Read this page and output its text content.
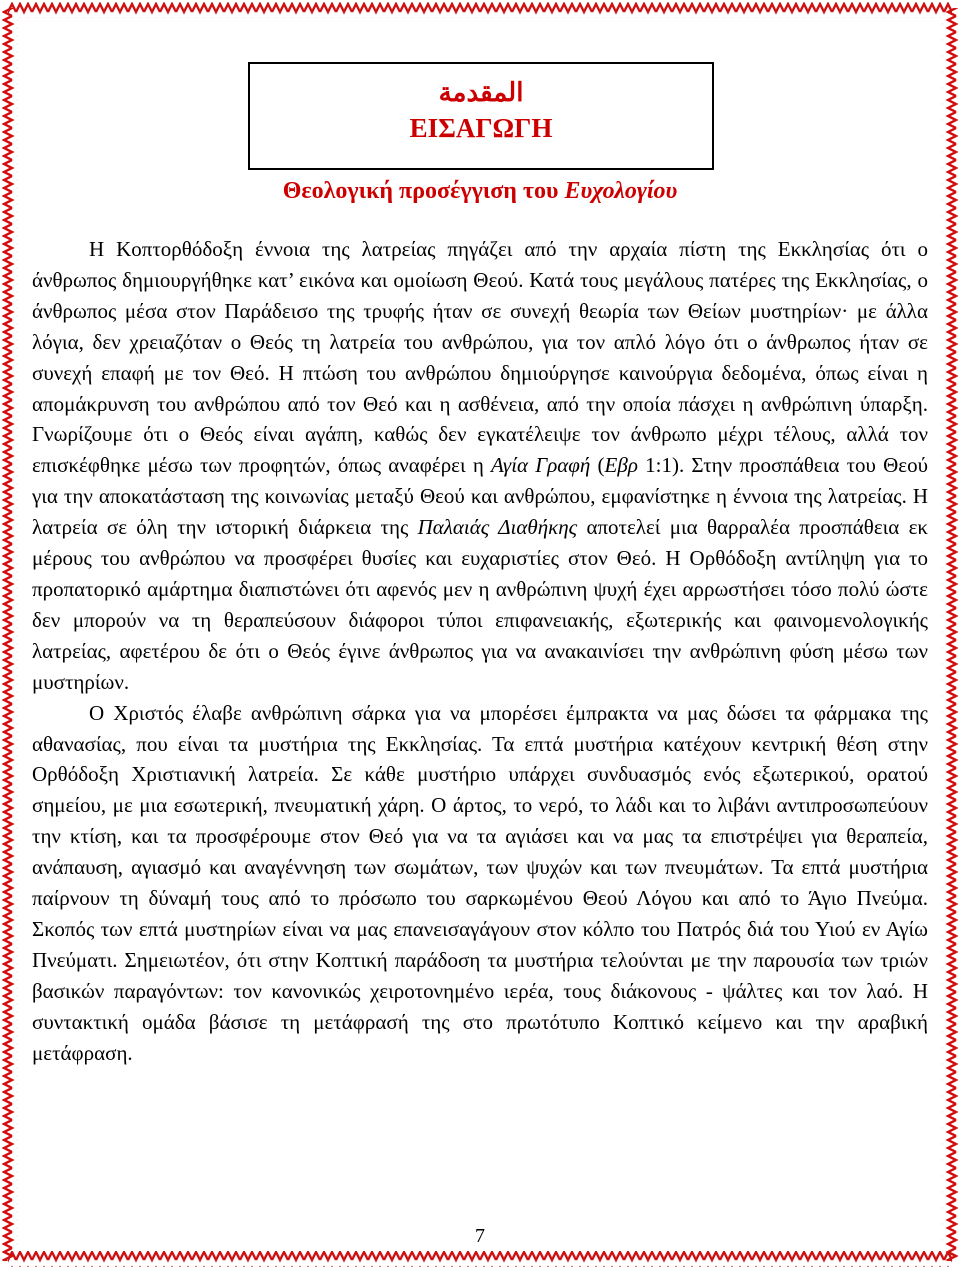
المقدمة
ΕΙΣΑΓΩΓΗ
Θεολογική προσέγγιση του Ευχολογίου

Η Κοπτορθόδοξη έννοια της λατρείας πηγάζει από την αρχαία πίστη της Εκκλησίας ότι ο άνθρωπος δημιουργήθηκε κατ’ εικόνα και ομοίωση Θεού. Κατά τους μεγάλους πατέρες της Εκκλησίας, ο άνθρωπος μέσα στον Παράδεισο της τρυφής ήταν σε συνεχή θεωρία των Θείων μυστηρίων· με άλλα λόγια, δεν χρειαζόταν ο Θεός τη λατρεία του ανθρώπου, για τον απλό λόγο ότι ο άνθρωπος ήταν σε συνεχή επαφή με τον Θεό. Η πτώση του ανθρώπου δημιούργησε καινούργια δεδομένα, όπως είναι η απομάκρυνση του ανθρώπου από τον Θεό και η ασθένεια, από την οποία πάσχει η ανθρώπινη ύπαρξη. Γνωρίζουμε ότι ο Θεός είναι αγάπη, καθώς δεν εγκατέλειψε τον άνθρωπο μέχρι τέλους, αλλά τον επισκέφθηκε μέσω των προφητών, όπως αναφέρει η Αγία Γραφή (Εβρ 1:1). Στην προσπάθεια του Θεού για την αποκατάσταση της κοινωνίας μεταξύ Θεού και ανθρώπου, εμφανίστηκε η έννοια της λατρείας. Η λατρεία σε όλη την ιστορική διάρκεια της Παλαιάς Διαθήκης αποτελεί μια θαρραλέα προσπάθεια εκ μέρους του ανθρώπου να προσφέρει θυσίες και ευχαριστίες στον Θεό. Η Ορθόδοξη αντίληψη για το προπατορικό αμάρτημα διαπιστώνει ότι αφενός μεν η ανθρώπινη ψυχή έχει αρρωστήσει τόσο πολύ ώστε δεν μπορούν να τη θεραπεύσουν διάφοροι τύποι επιφανειακής, εξωτερικής και φαινομενολογικής λατρείας, αφετέρου δε ότι ο Θεός έγινε άνθρωπος για να ανακαινίσει την ανθρώπινη φύση μέσω των μυστηρίων.

Ο Χριστός έλαβε ανθρώπινη σάρκα για να μπορέσει έμπρακτα να μας δώσει τα φάρμακα της αθανασίας, που είναι τα μυστήρια της Εκκλησίας. Τα επτά μυστήρια κατέχουν κεντρική θέση στην Ορθόδοξη Χριστιανική λατρεία. Σε κάθε μυστήριο υπάρχει συνδυασμός ενός εξωτερικού, ορατού σημείου, με μια εσωτερική, πνευματική χάρη. Ο άρτος, το νερό, το λάδι και το λιβάνι αντιπροσωπεύουν την κτίση, και τα προσφέρουμε στον Θεό για να τα αγιάσει και να μας τα επιστρέψει για θεραπεία, ανάπαυση, αγιασμό και αναγέννηση των σωμάτων, των ψυχών και των πνευμάτων. Τα επτά μυστήρια παίρνουν τη δύναμή τους από το πρόσωπο του σαρκωμένου Θεού Λόγου και από το Άγιο Πνεύμα. Σκοπός των επτά μυστηρίων είναι να μας επανεισαγάγουν στον κόλπο του Πατρός διά του Υιού εν Αγίω Πνεύματι. Σημειωτέον, ότι στην Κοπτική παράδοση τα μυστήρια τελούνται με την παρουσία των τριών βασικών παραγόντων: τον κανονικώς χειροτονημένο ιερέα, τους διάκονους - ψάλτες και τον λαό. Η συντακτική ομάδα βάσισε τη μετάφρασή της στο πρωτότυπο Κοπτικό κείμενο και την αραβική μετάφραση.

7
